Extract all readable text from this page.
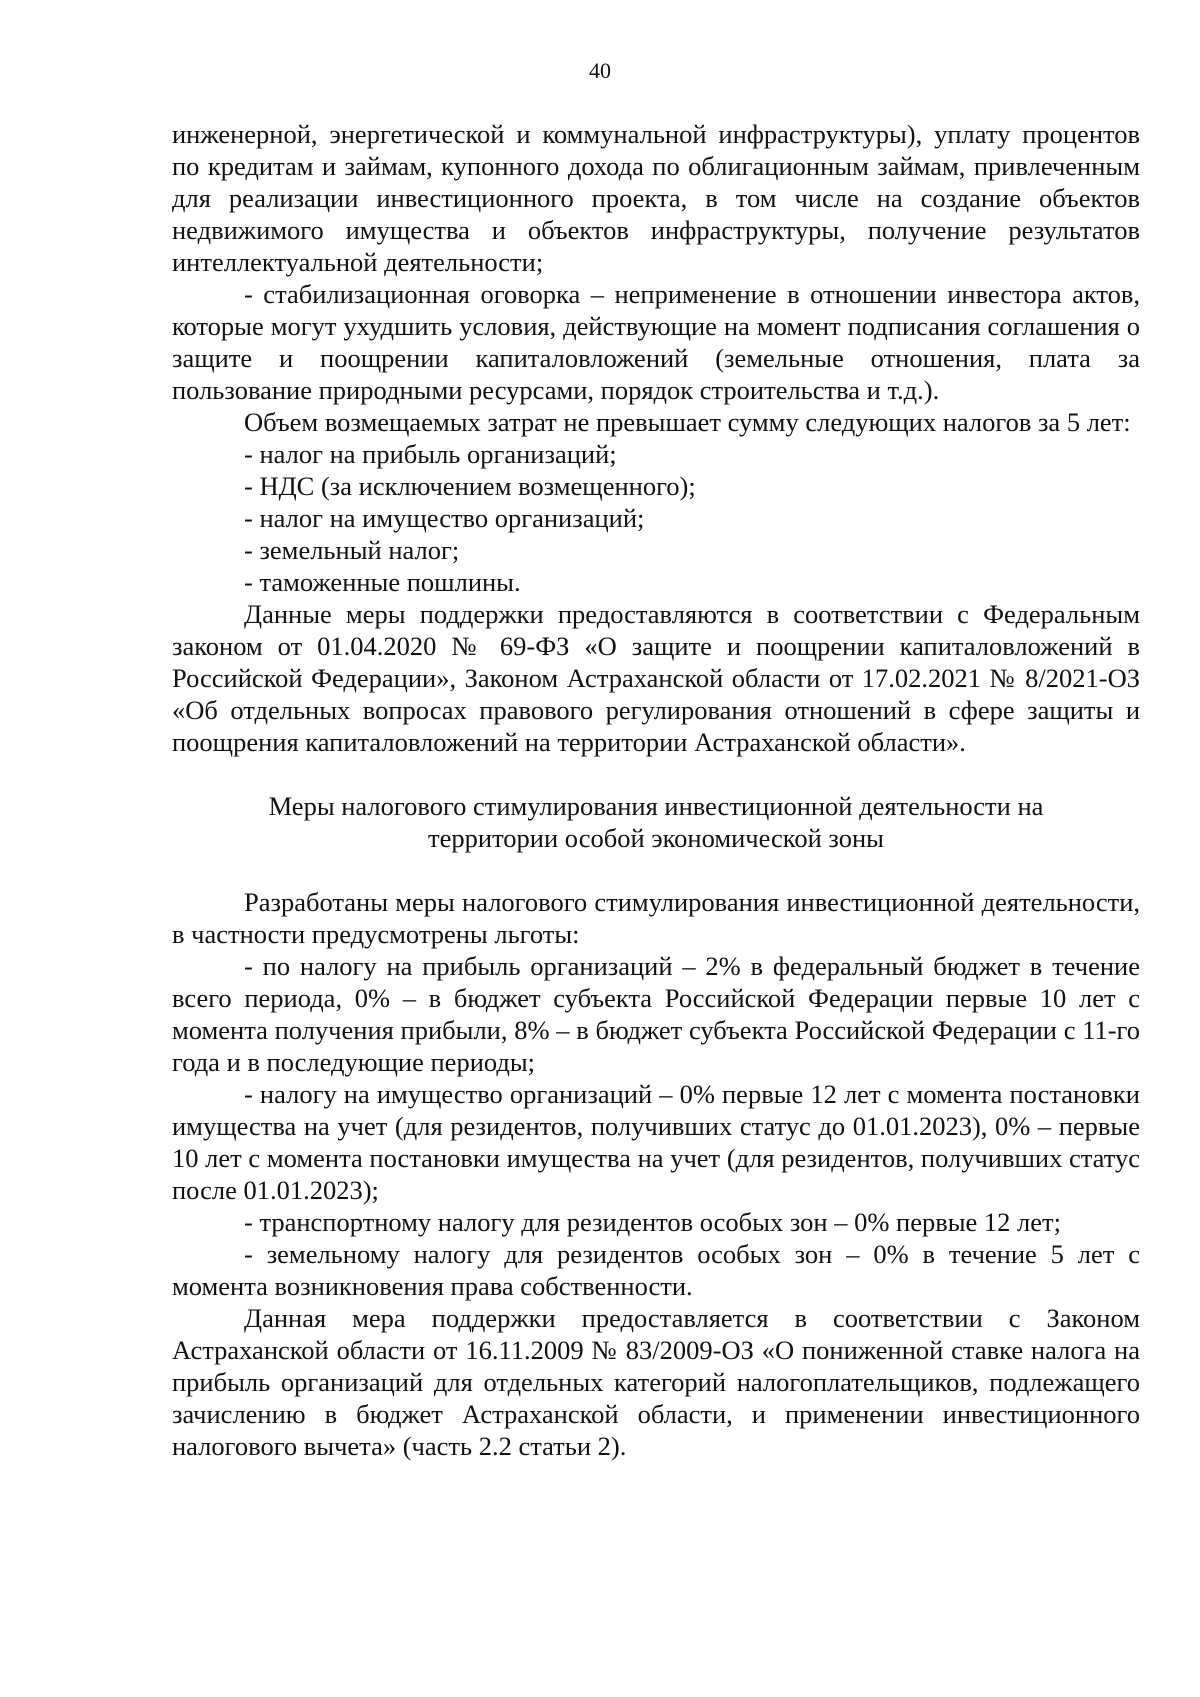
40

инженерной, энергетической и коммунальной инфраструктуры), уплату процентов по кредитам и займам, купонного дохода по облигационным займам, привлеченным для реализации инвестиционного проекта, в том числе на создание объектов недвижимого имущества и объектов инфраструктуры, получение результатов интеллектуальной деятельности;

- стабилизационная оговорка – неприменение в отношении инвестора актов, которые могут ухудшить условия, действующие на момент подписания соглашения о защите и поощрении капиталовложений (земельные отношения, плата за пользование природными ресурсами, порядок строительства и т.д.).

Объем возмещаемых затрат не превышает сумму следующих налогов за 5 лет:

- налог на прибыль организаций;

- НДС (за исключением возмещенного);

- налог на имущество организаций;

- земельный налог;

- таможенные пошлины.

Данные меры поддержки предоставляются в соответствии с Федеральным законом от 01.04.2020 № 69-ФЗ «О защите и поощрении капиталовложений в Российской Федерации», Законом Астраханской области от 17.02.2021 № 8/2021-ОЗ «Об отдельных вопросах правового регулирования отношений в сфере защиты и поощрения капиталовложений на территории Астраханской области».

Меры налогового стимулирования инвестиционной деятельности на
территории особой экономической зоны

Разработаны меры налогового стимулирования инвестиционной деятельности, в частности предусмотрены льготы:

- по налогу на прибыль организаций – 2% в федеральный бюджет в течение всего периода, 0% – в бюджет субъекта Российской Федерации первые 10 лет с момента получения прибыли, 8% – в бюджет субъекта Российской Федерации с 11-го года и в последующие периоды;

- налогу на имущество организаций – 0% первые 12 лет с момента постановки имущества на учет (для резидентов, получивших статус до 01.01.2023), 0% – первые 10 лет с момента постановки имущества на учет (для резидентов, получивших статус после 01.01.2023);

- транспортному налогу для резидентов особых зон – 0% первые 12 лет;

- земельному налогу для резидентов особых зон – 0% в течение 5 лет с момента возникновения права собственности.

Данная мера поддержки предоставляется в соответствии с Законом Астраханской области от 16.11.2009 № 83/2009-ОЗ «О пониженной ставке налога на прибыль организаций для отдельных категорий налогоплательщиков, подлежащего зачислению в бюджет Астраханской области, и применении инвестиционного налогового вычета» (часть 2.2 статьи 2).
